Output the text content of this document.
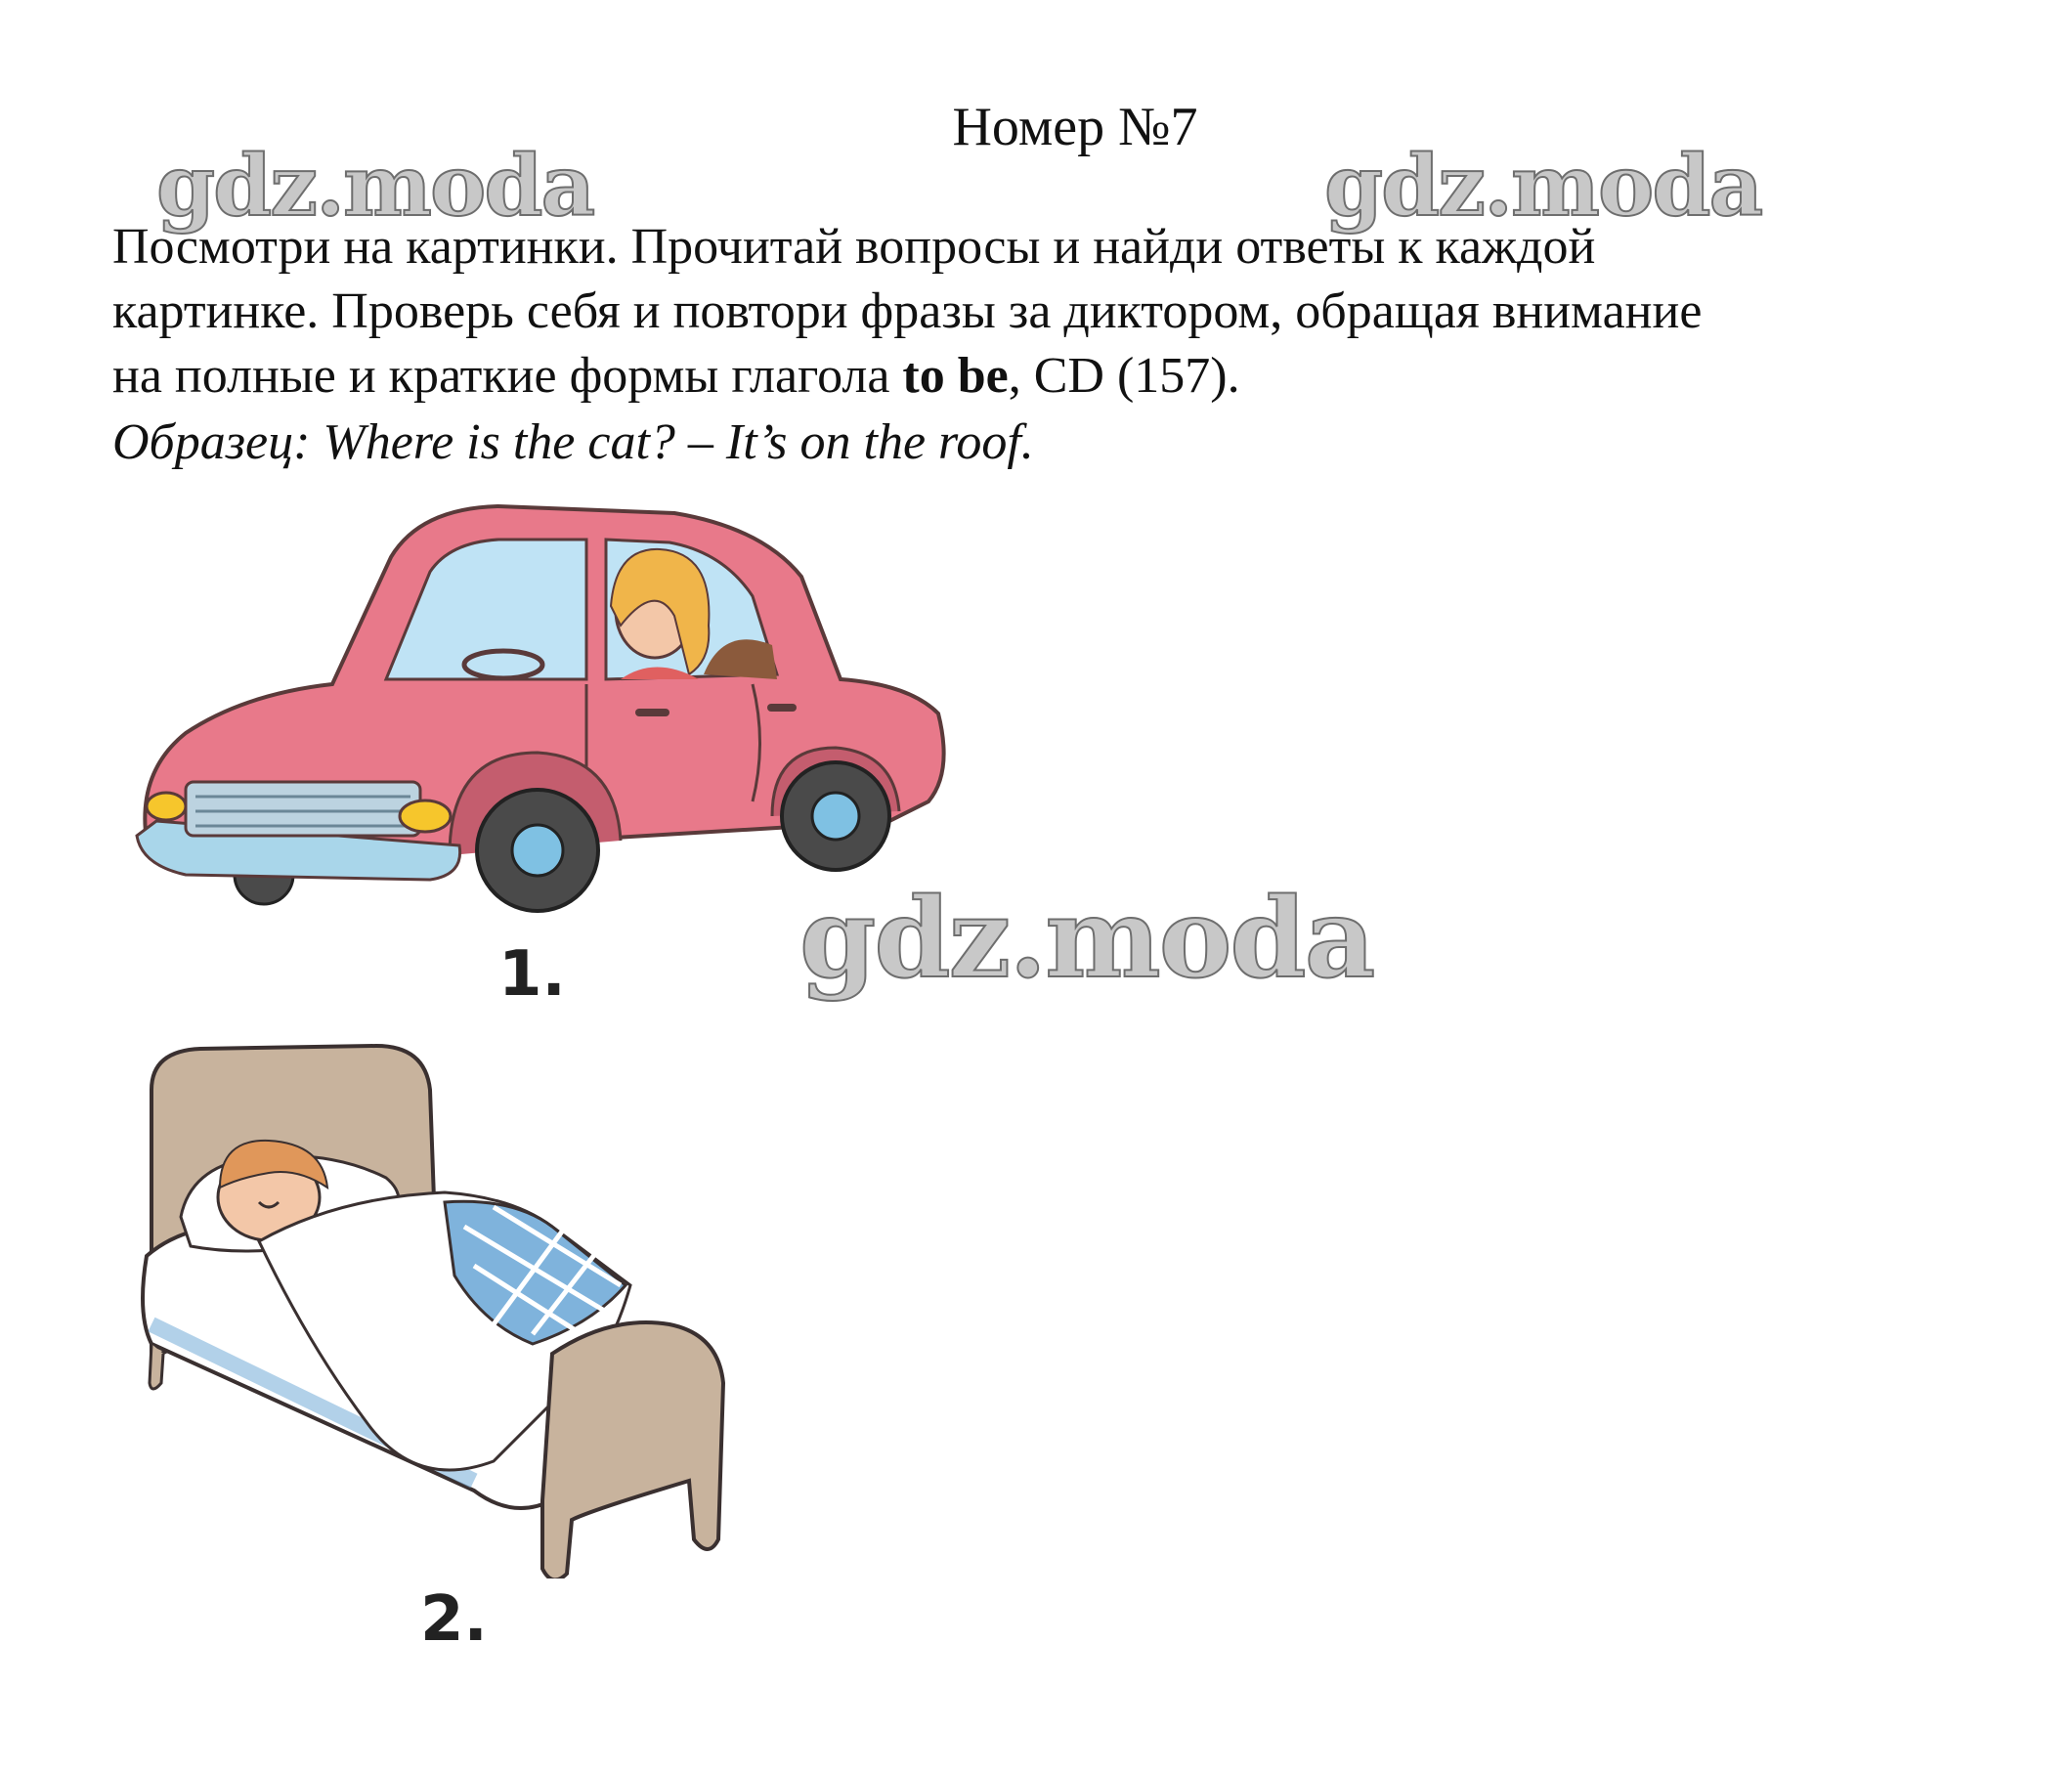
Номер №7
gdz.moda	gdz.moda

Посмотри на картинки. Прочитай вопросы и найди ответы к каждой

картинке. Проверь себя и повтори фразы за диктором, обращая внимание

на полные и краткие формы глагола to be, CD (157).

Образец: Where is the cat? – It’s on the roof.
1. gdz.moda
2.
